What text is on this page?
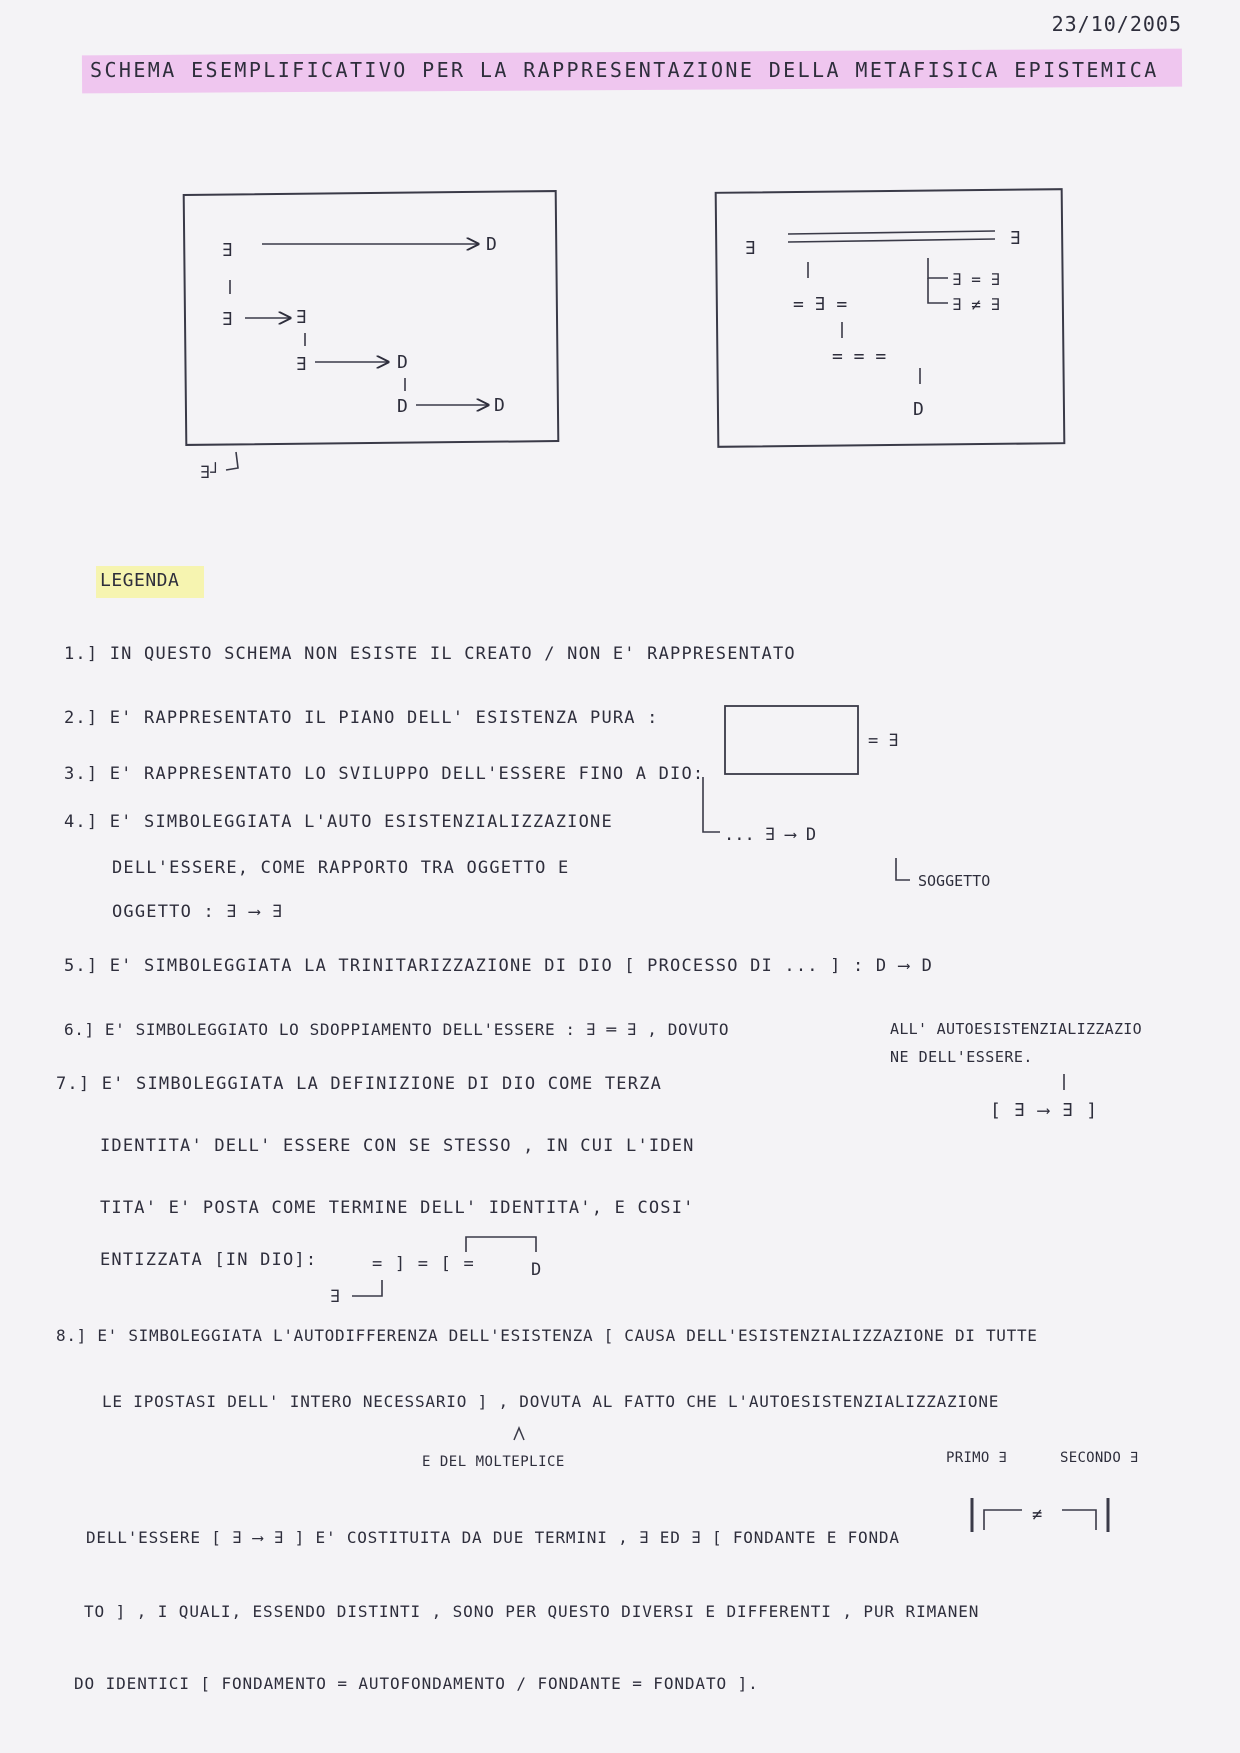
23/10/2005
SCHEMA ESEMPLIFICATIVO PER LA RAPPRESENTAZIONE DELLA METAFISICA EPISTEMICA
∃	D
∃	∃
∃	D
D	D
∃┘
∃	∃
= ∃ =
∃ = ∃
∃ ≠ ∃
= = =
D
= ∃
... ∃ ⟶ D
SOGGETTO
≠
D
∃
LEGENDA
1.] IN QUESTO SCHEMA NON ESISTE IL CREATO / NON E' RAPPRESENTATO
2.] E' RAPPRESENTATO IL PIANO DELL' ESISTENZA PURA :
3.] E' RAPPRESENTATO LO SVILUPPO DELL'ESSERE FINO A DIO:
4.] E' SIMBOLEGGIATA L'AUTO ESISTENZIALIZZAZIONE
DELL'ESSERE, COME RAPPORTO TRA OGGETTO E
OGGETTO : ∃ ⟶ ∃
5.] E' SIMBOLEGGIATA LA TRINITARIZZAZIONE DI DIO [ PROCESSO DI ... ] : D ⟶ D
6.] E' SIMBOLEGGIATO LO SDOPPIAMENTO DELL'ESSERE : ∃ ═ ∃ , DOVUTO	ALL' AUTOESISTENZIALIZZAZIO
NE DELL'ESSERE.
[ ∃ ⟶ ∃ ]
7.] E' SIMBOLEGGIATA LA DEFINIZIONE DI DIO COME TERZA
IDENTITA' DELL' ESSERE CON SE STESSO , IN CUI L'IDEN
TITA' E' POSTA COME TERMINE DELL' IDENTITA', E COSI'
ENTIZZATA [IN DIO]:	= ] = [ =
8.] E' SIMBOLEGGIATA L'AUTODIFFERENZA DELL'ESISTENZA [ CAUSA DELL'ESISTENZIALIZZAZIONE DI TUTTE
LE IPOSTASI DELL' INTERO NECESSARIO ] , DOVUTA AL FATTO CHE L'AUTOESISTENZIALIZZAZIONE
E DEL MOLTEPLICE	PRIMO ∃	SECONDO ∃
DELL'ESSERE [ ∃ ⟶ ∃ ] E' COSTITUITA DA DUE TERMINI , ∃ ED ∃ [ FONDANTE E FONDA
TO ] , I QUALI, ESSENDO DISTINTI , SONO PER QUESTO DIVERSI E DIFFERENTI , PUR RIMANEN
DO IDENTICI [ FONDAMENTO = AUTOFONDAMENTO / FONDANTE = FONDATO ].
